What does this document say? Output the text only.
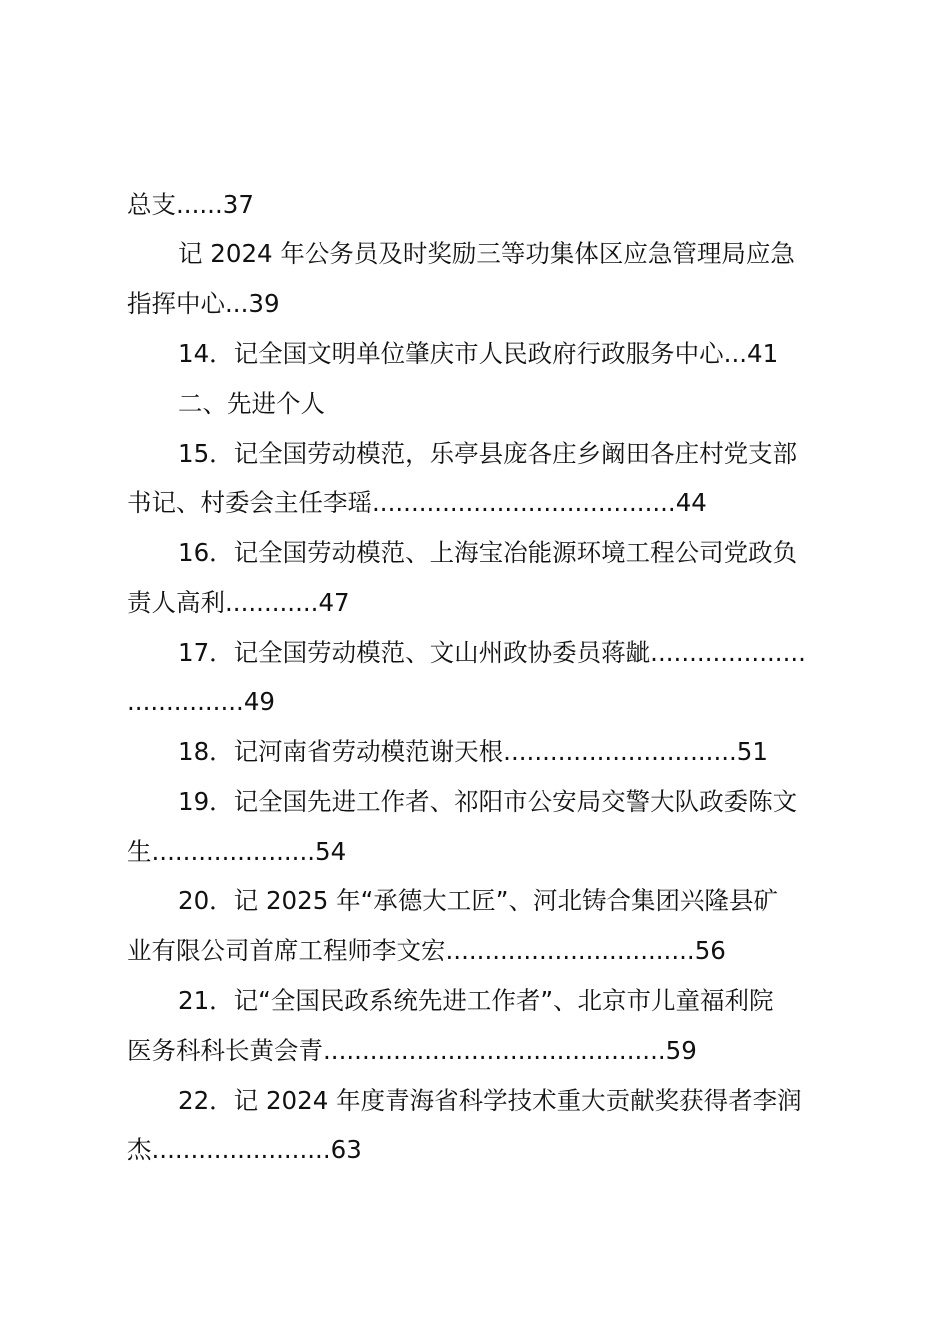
总支......37

记 2024 年公务员及时奖励三等功集体区应急管理局应急

指挥中心...39

14．记全国文明单位肇庆市人民政府行政服务中心...41

二、先进个人

15．记全国劳动模范，乐亭县庞各庄乡阚田各庄村党支部

书记、村委会主任李瑶.......................................44

16．记全国劳动模范、上海宝冶能源环境工程公司党政负

责人高利............47

17．记全国劳动模范、文山州政协委员蒋龇....................

...............49

18．记河南省劳动模范谢天根..............................51

19．记全国先进工作者、祁阳市公安局交警大队政委陈文

生.....................54

20．记 2025 年“承德大工匠”、河北铸合集团兴隆县矿

业有限公司首席工程师李文宏................................56

21．记“全国民政系统先进工作者”、北京市儿童福利院

医务科科长黄会青............................................59

22．记 2024 年度青海省科学技术重大贡献奖获得者李润

杰.......................63
